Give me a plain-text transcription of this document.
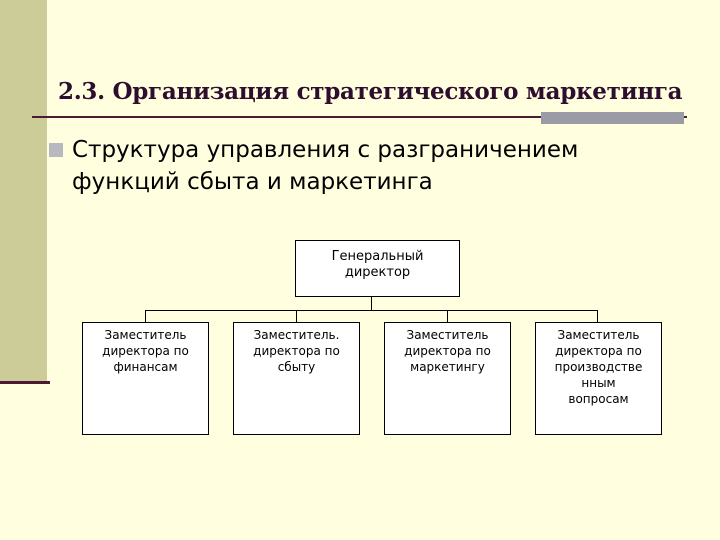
2.3. Организация стратегического маркетинга
Структура управления с разграничением функций сбыта и маркетинга
Генеральный
директор
Заместитель
директора по
финансам
Заместитель.
директора по
сбыту
Заместитель
директора по
маркетингу
Заместитель
директора по
производстве
нным
вопросам
